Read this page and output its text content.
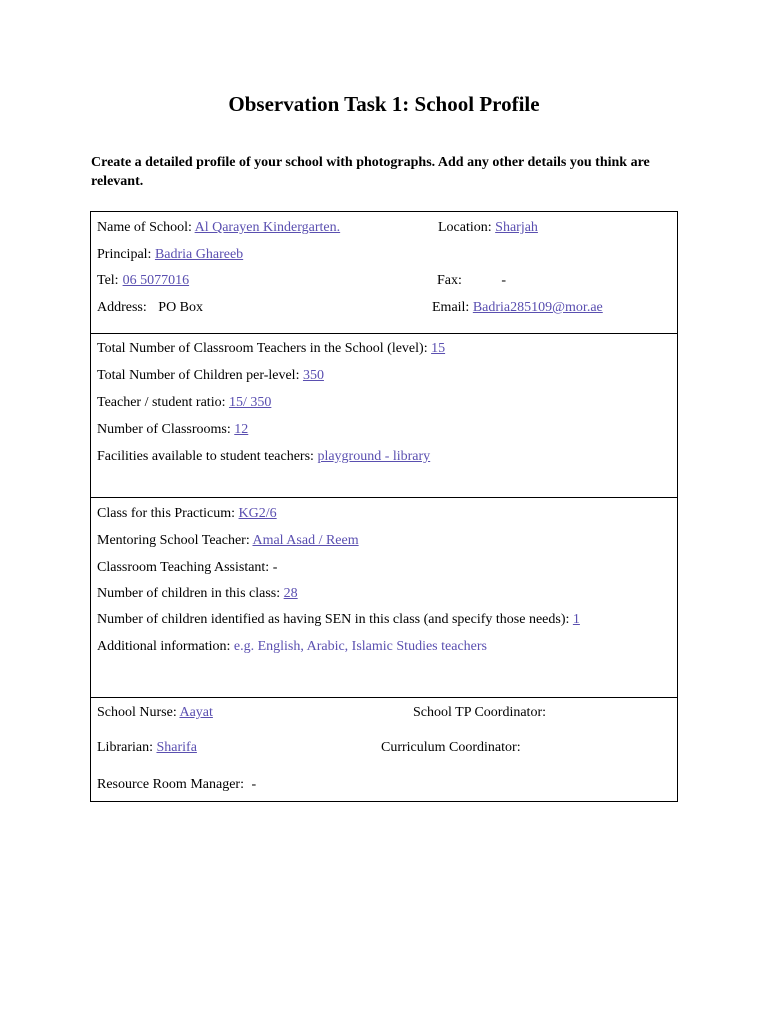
Observation Task 1: School Profile
Create a detailed profile of your school with photographs. Add any other details you think are relevant.
Name of School: Al Qarayen Kindergarten.	Location: Sharjah
Principal: Badria Ghareeb
Tel: 06 5077016	Fax:	-
Address: PO Box	Email: Badria285109@mor.ae
Total Number of Classroom Teachers in the School (level): 15
Total Number of Children per-level: 350
Teacher / student ratio: 15/ 350
Number of Classrooms: 12
Facilities available to student teachers: playground - library
Class for this Practicum: KG2/6
Mentoring School Teacher: Amal Asad / Reem
Classroom Teaching Assistant: -
Number of children in this class: 28
Number of children identified as having SEN in this class (and specify those needs): 1
Additional information: e.g. English, Arabic, Islamic Studies teachers
School Nurse: Aayat	School TP Coordinator:
Librarian: Sharifa	Curriculum Coordinator:
Resource Room Manager: -
